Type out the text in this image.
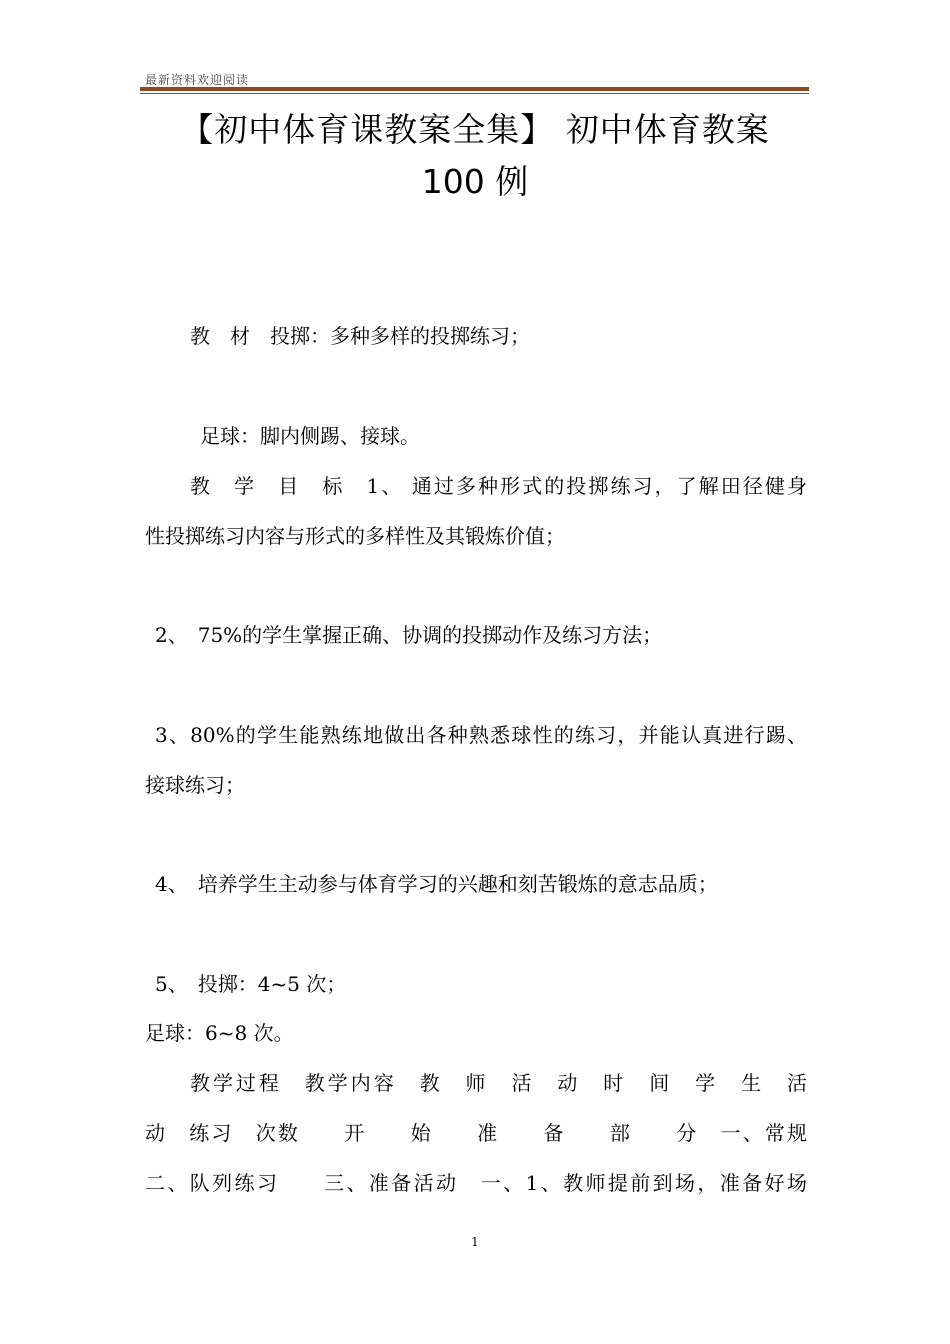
最新资料欢迎阅读
【初中体育课教案全集】 初中体育教案
100 例
教　材　投掷：多种多样的投掷练习；
足球：脚内侧踢、接球。
教　学　目　标　1、 通过多种形式的投掷练习，了解田径健身
性投掷练习内容与形式的多样性及其锻炼价值；
2、　75%的学生掌握正确、协调的投掷动作及练习方法；
3、80%的学生能熟练地做出各种熟悉球性的练习，并能认真进行踢、
接球练习；
4、　培养学生主动参与体育学习的兴趣和刻苦锻炼的意志品质；
5、　投掷：4~5 次；
足球：6~8 次。
教学过程　教学内容　教　师　活　动　时　间　学　生　活
动　练习　次数　　开　　始　　准　　备　　部　　分　一、常规
二、队列练习　　三、准备活动　一、1、教师提前到场，准备好场
1
